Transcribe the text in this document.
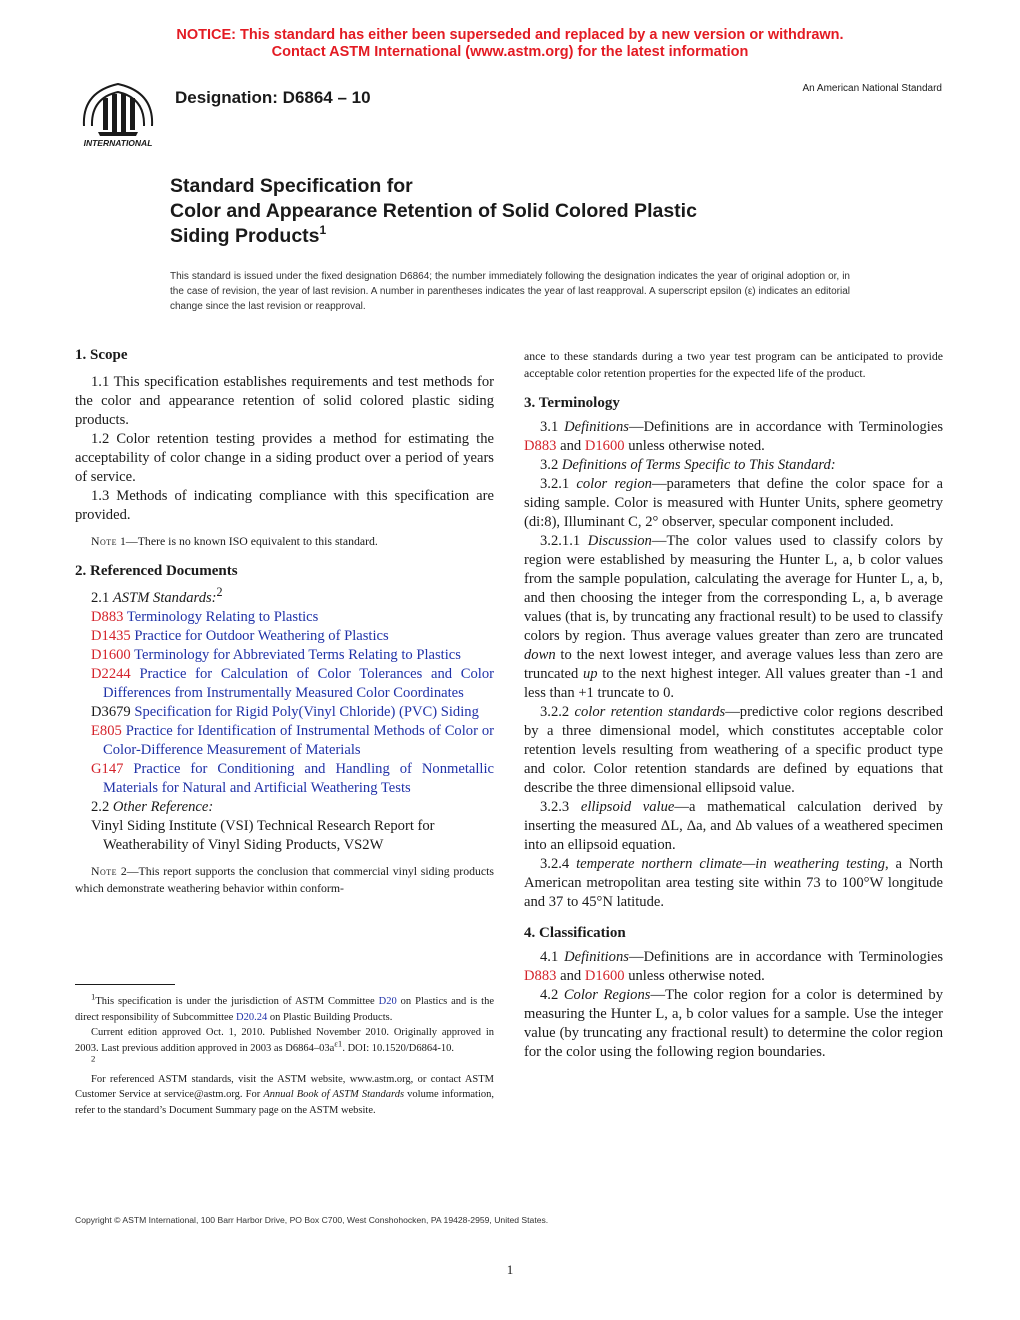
NOTICE: This standard has either been superseded and replaced by a new version or withdrawn.
Contact ASTM International (www.astm.org) for the latest information
INTERNATIONAL
ASTM	Designation: D6864 – 10	An American National Standard
Standard Specification for
Color and Appearance Retention of Solid Colored Plastic
Siding Products$^1$
This standard is issued under the fixed designation D6864; the number immediately following the designation indicates the year of original adoption or, in the case of revision, the year of last revision. A number in parentheses indicates the year of last reapproval. A superscript epsilon (ε) indicates an editorial change since the last revision or reapproval.

1. Scope

1.1 This specification establishes requirements and test methods for the color and appearance retention of solid colored plastic siding products.

1.2 Color retention testing provides a method for estimating the acceptability of color change in a siding product over a period of years of service.

1.3 Methods of indicating compliance with this specification are provided.

Note 1—There is no known ISO equivalent to this standard.

2. Referenced Documents

2.1 ASTM Standards:$^2$

D883 Terminology Relating to Plastics

D1435 Practice for Outdoor Weathering of Plastics

D1600 Terminology for Abbreviated Terms Relating to Plastics

D2244 Practice for Calculation of Color Tolerances and Color Differences from Instrumentally Measured Color Coordinates

D3679 Specification for Rigid Poly(Vinyl Chloride) (PVC) Siding

E805 Practice for Identification of Instrumental Methods of Color or Color-Difference Measurement of Materials

G147 Practice for Conditioning and Handling of Nonmetallic Materials for Natural and Artificial Weathering Tests

2.2 Other Reference:

Vinyl Siding Institute (VSI) Technical Research Report for Weatherability of Vinyl Siding Products, VS2W

Note 2—This report supports the conclusion that commercial vinyl siding products which demonstrate weathering behavior within conform-

$^1$This specification is under the jurisdiction of ASTM Committee D20 on Plastics and is the direct responsibility of Subcommittee D20.24 on Plastic Building Products.

Current edition approved Oct. 1, 2010. Published November 2010. Originally approved in 2003. Last previous addition approved in 2003 as $D6864-03a^{\varepsilon 1}$. DOI: 10.1520/D6864-10.

$^2$

For referenced ASTM standards, visit the ASTM website, www.astm.org, or contact ASTM Customer Service at service@astm.org. For Annual Book of ASTM Standards volume information, refer to the standard’s Document Summary page on the ASTM website.

ance to these standards during a two year test program can be anticipated to provide acceptable color retention properties for the expected life of the product.

3. Terminology

3.1 Definitions—Definitions are in accordance with Terminologies D883 and D1600 unless otherwise noted.

3.2 Definitions of Terms Specific to This Standard:

3.2.1 color region—parameters that define the color space for a siding sample. Color is measured with Hunter Units, sphere geometry (di:8), Illuminant C, 2° observer, specular component included.

3.2.1.1 Discussion—The color values used to classify colors by region were established by measuring the Hunter L, a, b color values from the sample population, calculating the average for Hunter L, a, b, and then choosing the integer from the corresponding L, a, b average values (that is, by truncating any fractional result) to be used to classify colors by region. Thus average values greater than zero are truncated down to the next lowest integer, and average values less than zero are truncated up to the next highest integer. All values greater than -1 and less than +1 truncate to 0.

3.2.2 color retention standards—predictive color regions described by a three dimensional model, which constitutes acceptable color retention levels resulting from weathering of a specific product type and color. Color retention standards are defined by equations that describe the three dimensional ellipsoid value.

3.2.3 ellipsoid value—a mathematical calculation derived by inserting the measured ΔL, Δa, and Δb values of a weathered specimen into an ellipsoid equation.

3.2.4 temperate northern climate—in weathering testing, a North American metropolitan area testing site within 73 to 100°W longitude and 37 to 45°N latitude.

4. Classification

4.1 Definitions—Definitions are in accordance with Terminologies D883 and D1600 unless otherwise noted.

4.2 Color Regions—The color region for a color is determined by measuring the Hunter L, a, b color values for a sample. Use the integer value (by truncating any fractional result) to determine the color region for the color using the following region boundaries.

Copyright © ASTM International, 100 Barr Harbor Drive, PO Box C700, West Conshohocken, PA 19428-2959, United States.
1
